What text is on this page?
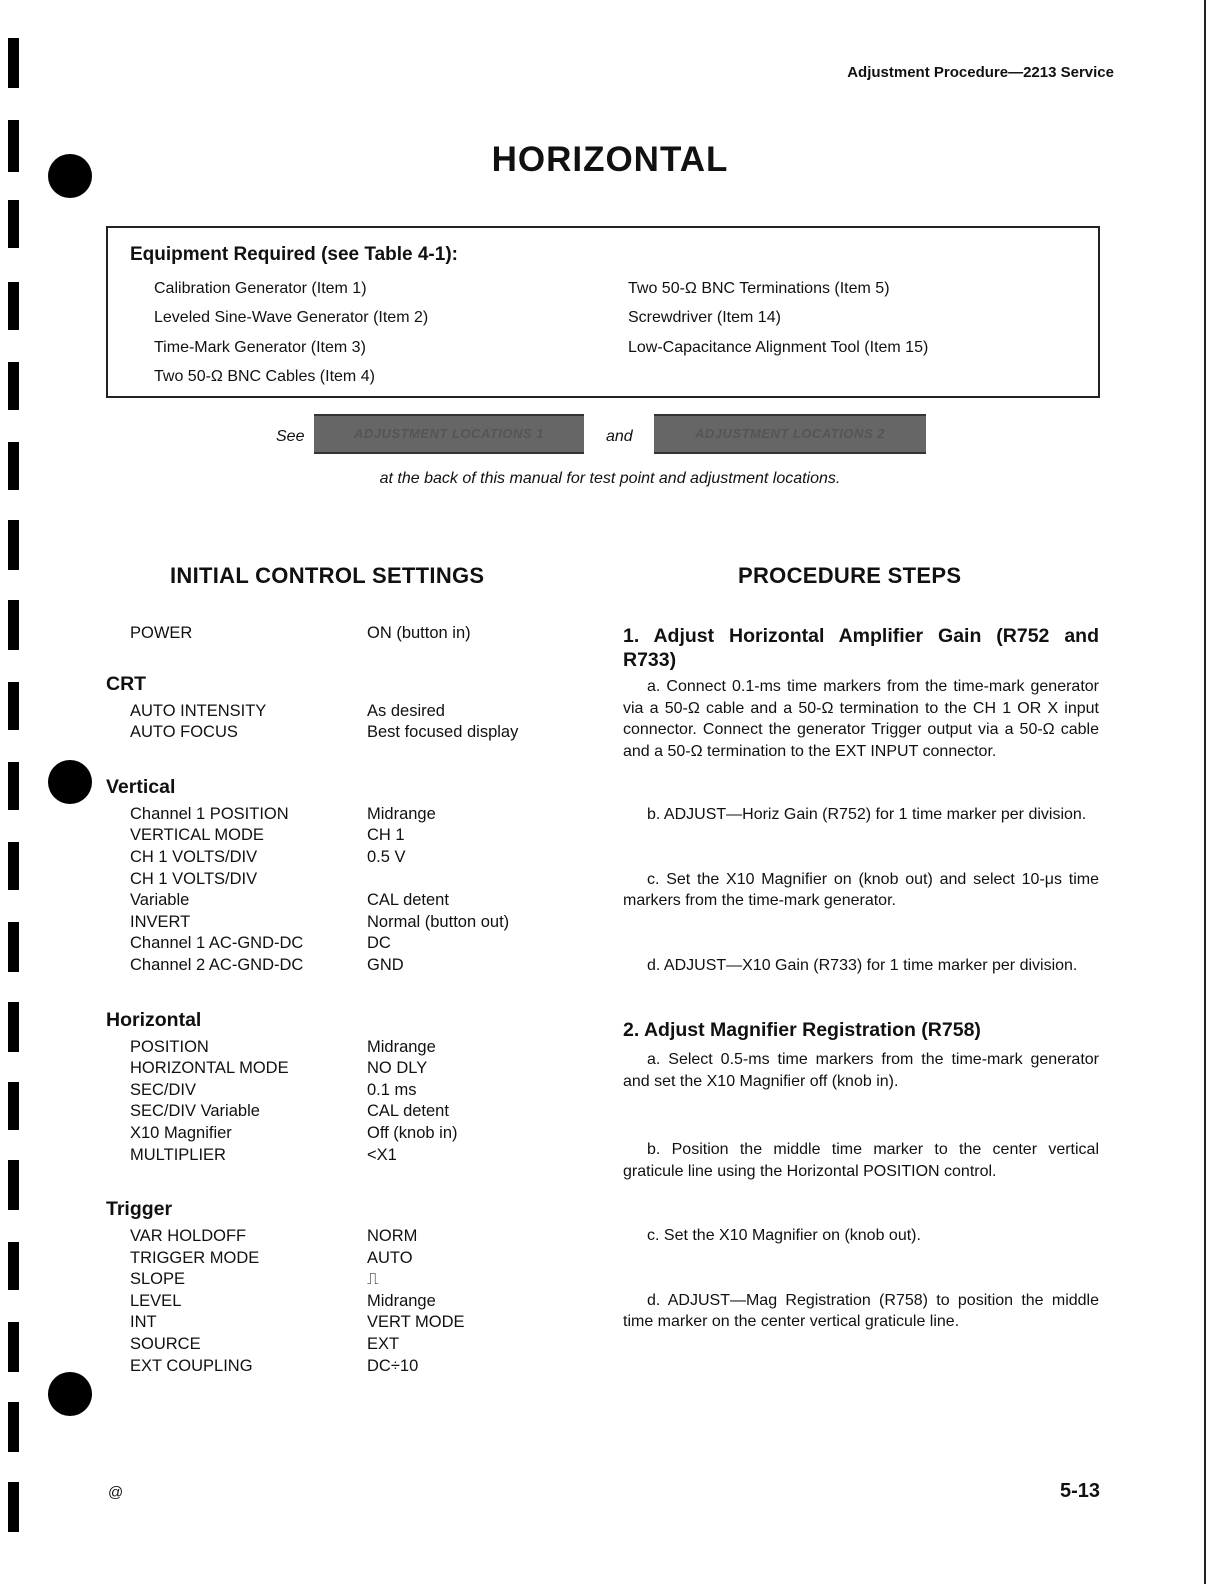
Adjustment Procedure—2213 Service
HORIZONTAL
Equipment Required (see Table 4-1):
Calibration Generator (Item 1)
Leveled Sine-Wave Generator (Item 2)
Time-Mark Generator (Item 3)
Two 50-Ω BNC Cables (Item 4)
Two 50-Ω BNC Terminations (Item 5)
Screwdriver (Item 14)
Low-Capacitance Alignment Tool (Item 15)
See	ADJUSTMENT LOCATIONS 1	and	ADJUSTMENT LOCATIONS 2
at the back of this manual for test point and adjustment locations.
INITIAL CONTROL SETTINGS	PROCEDURE STEPS
POWER	ON (button in)
CRT
AUTO INTENSITY	As desired
AUTO FOCUS	Best focused display
Vertical
Channel 1 POSITION	Midrange
VERTICAL MODE	CH 1
CH 1 VOLTS/DIV	0.5 V
CH 1 VOLTS/DIV
Variable	CAL detent
INVERT	Normal (button out)
Channel 1 AC-GND-DC	DC
Channel 2 AC-GND-DC	GND
Horizontal
POSITION	Midrange
HORIZONTAL MODE	NO DLY
SEC/DIV	0.1 ms
SEC/DIV Variable	CAL detent
X10 Magnifier	Off (knob in)
MULTIPLIER	<X1
Trigger
VAR HOLDOFF	NORM
TRIGGER MODE	AUTO
SLOPE	⎍
LEVEL	Midrange
INT	VERT MODE
SOURCE	EXT
EXT COUPLING	DC÷10
1. Adjust Horizontal Amplifier Gain (R752 and R733)

a. Connect 0.1-ms time markers from the time-mark generator via a 50-Ω cable and a 50-Ω termination to the CH 1 OR X input connector. Connect the generator Trigger output via a 50-Ω cable and a 50-Ω termination to the EXT INPUT connector.

b. ADJUST—Horiz Gain (R752) for 1 time marker per division.

c. Set the X10 Magnifier on (knob out) and select 10-μs time markers from the time-mark generator.

d. ADJUST—X10 Gain (R733) for 1 time marker per division.

2. Adjust Magnifier Registration (R758)

a. Select 0.5-ms time markers from the time-mark generator and set the X10 Magnifier off (knob in).

b. Position the middle time marker to the center vertical graticule line using the Horizontal POSITION control.

c. Set the X10 Magnifier on (knob out).

d. ADJUST—Mag Registration (R758) to position the middle time marker on the center vertical graticule line.

@	5-13
